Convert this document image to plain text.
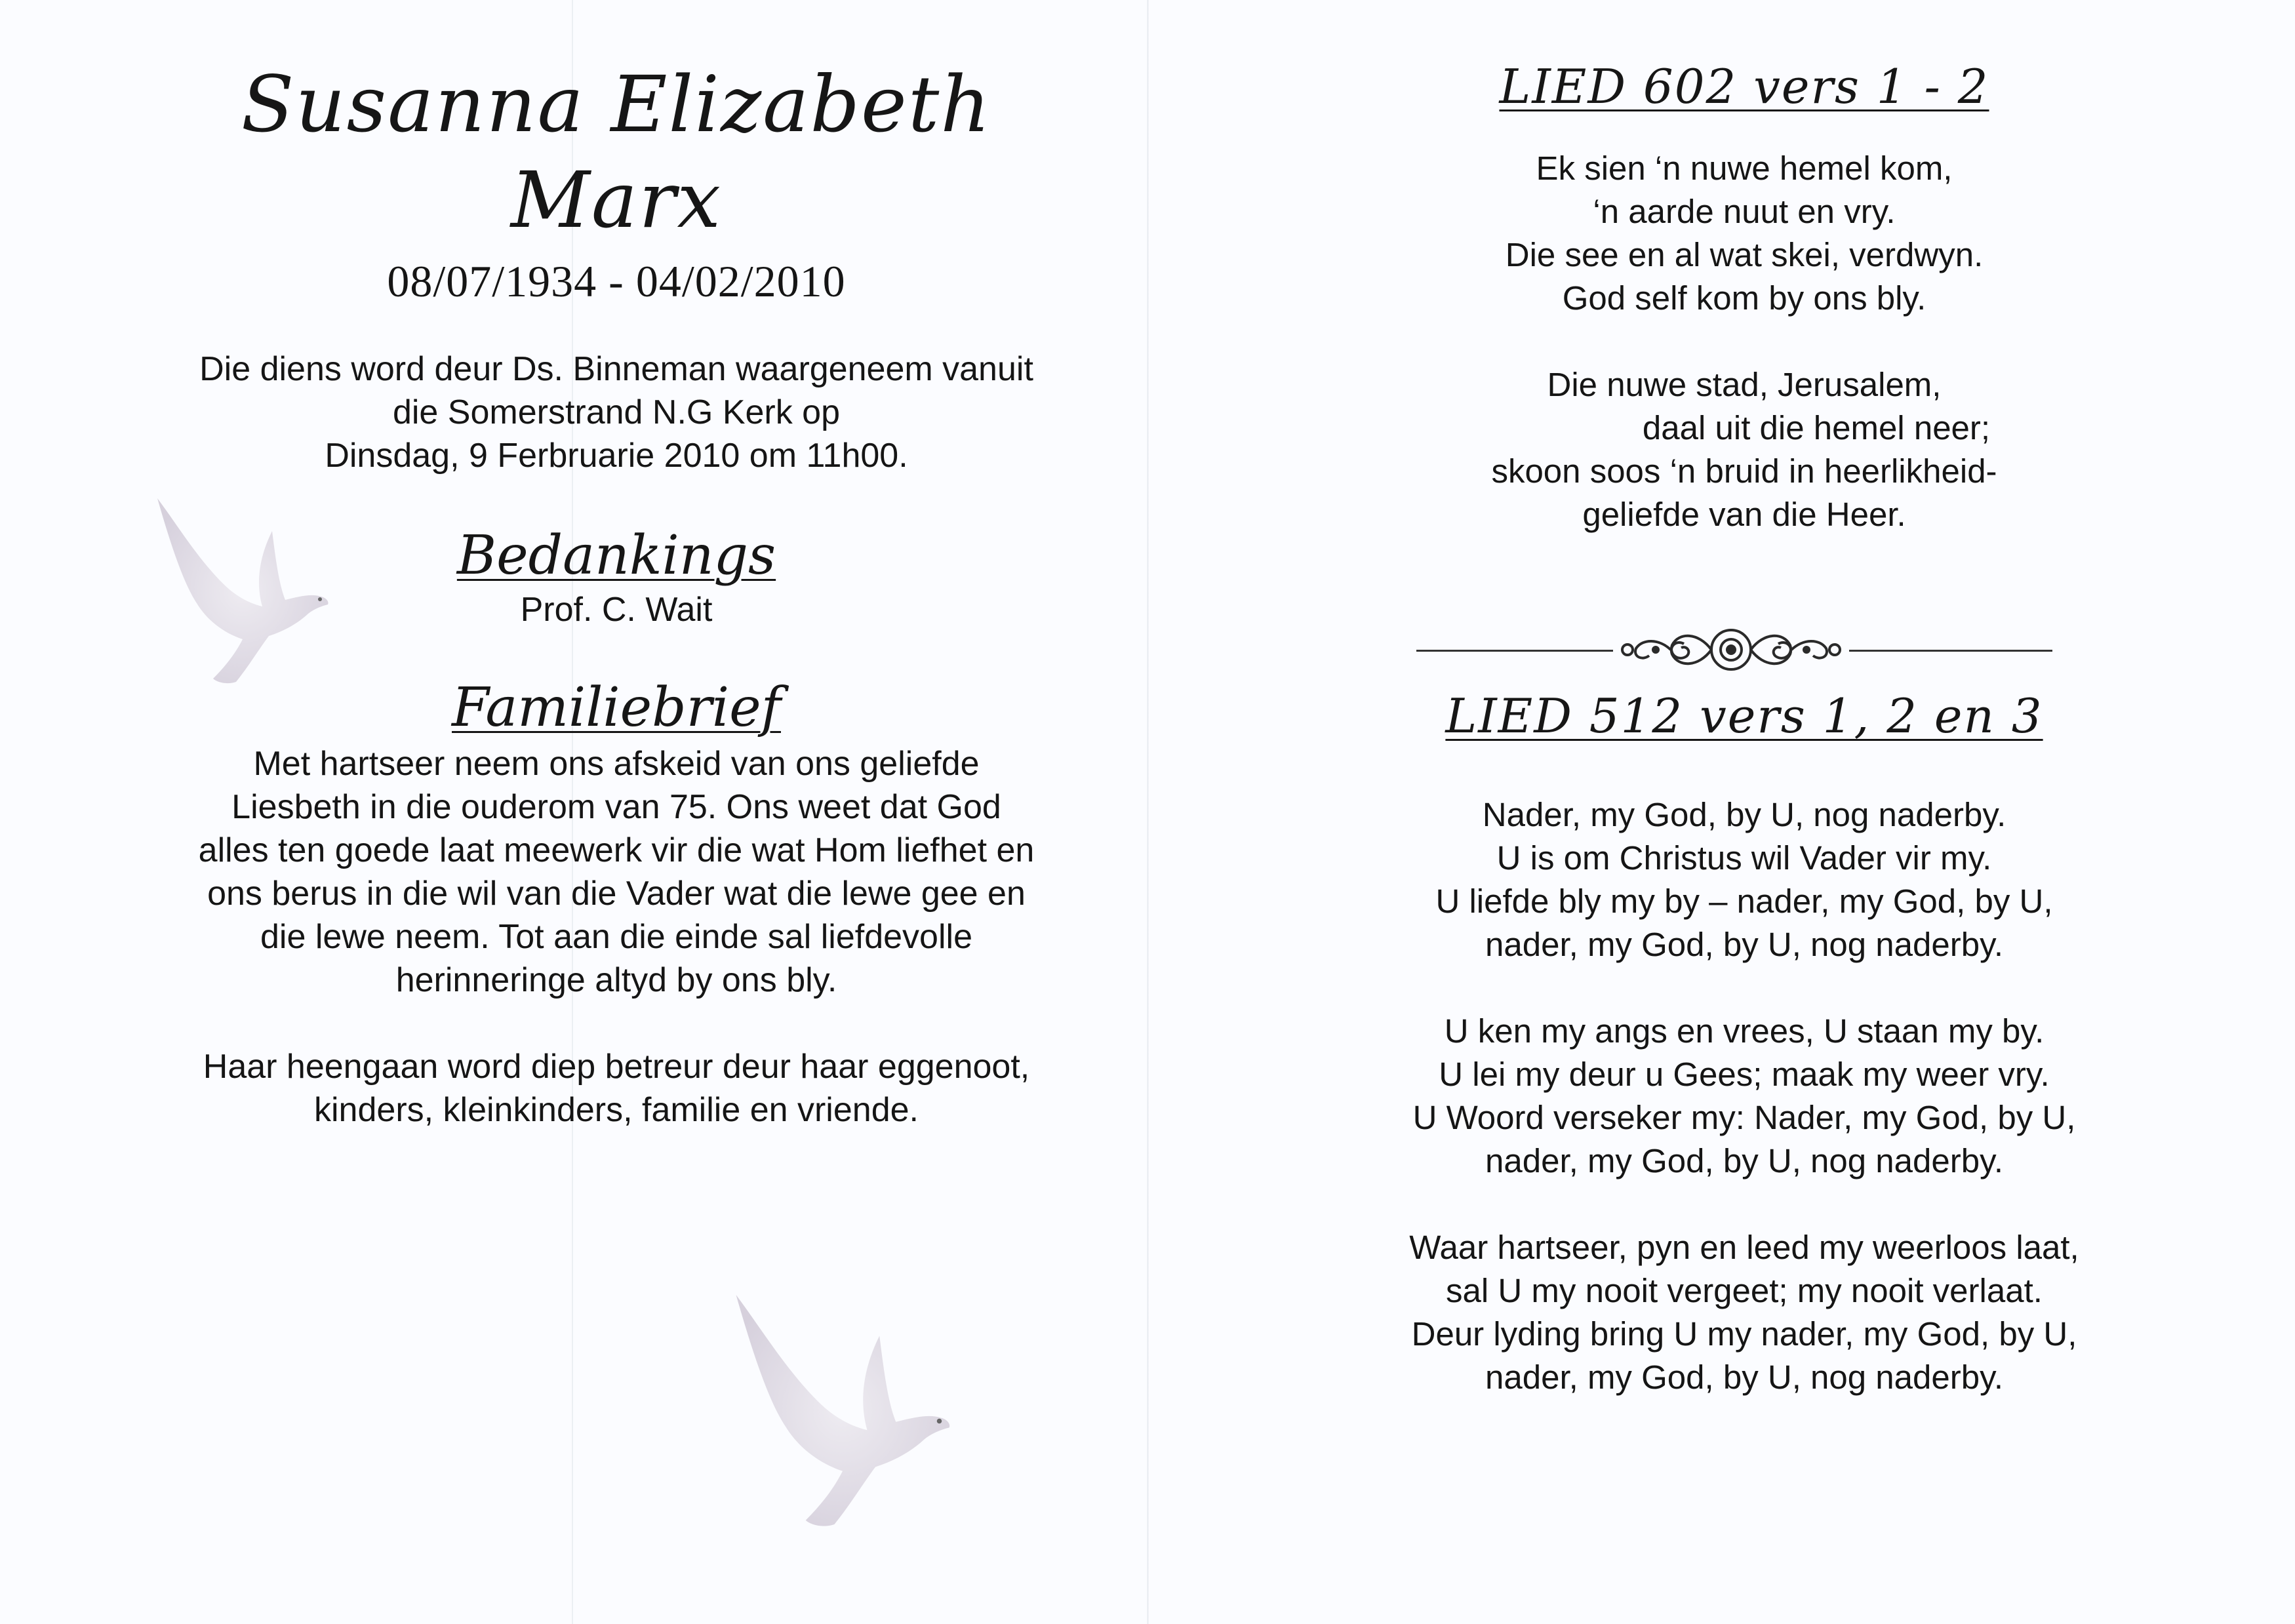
Susanna Elizabeth
Marx
08/07/1934 - 04/02/2010
Die diens word deur Ds. Binneman waargeneem vanuit
die Somerstrand N.G Kerk op
Dinsdag, 9 Ferbruarie 2010 om 11h00.
Bedankings
Prof. C. Wait
Familiebrief
Met hartseer neem ons afskeid van ons geliefde
Liesbeth in die ouderom van 75. Ons weet dat God
alles ten goede laat meewerk vir die wat Hom liefhet en
ons berus in die wil van die Vader wat die lewe gee en
die lewe neem. Tot aan die einde sal liefdevolle
herinneringe altyd by ons bly.
Haar heengaan word diep betreur deur haar eggenoot,
kinders, kleinkinders, familie en vriende.
LIED 602 vers 1 - 2
Ek sien ‘n nuwe hemel kom,
‘n aarde nuut en vry.
Die see en al wat skei, verdwyn.
God self kom by ons bly.
Die nuwe stad, Jerusalem,
daal uit die hemel neer;
skoon soos ‘n bruid in heerlikheid-
geliefde van die Heer.
LIED 512 vers 1, 2 en 3
Nader, my God, by U, nog naderby.
U is om Christus wil Vader vir my.
U liefde bly my by – nader, my God, by U,
nader, my God, by U, nog naderby.
U ken my angs en vrees, U staan my by.
U lei my deur u Gees; maak my weer vry.
U Woord verseker my: Nader, my God, by U,
nader, my God, by U, nog naderby.
Waar hartseer, pyn en leed my weerloos laat,
sal U my nooit vergeet; my nooit verlaat.
Deur lyding bring U my nader, my God, by U,
nader, my God, by U, nog naderby.
